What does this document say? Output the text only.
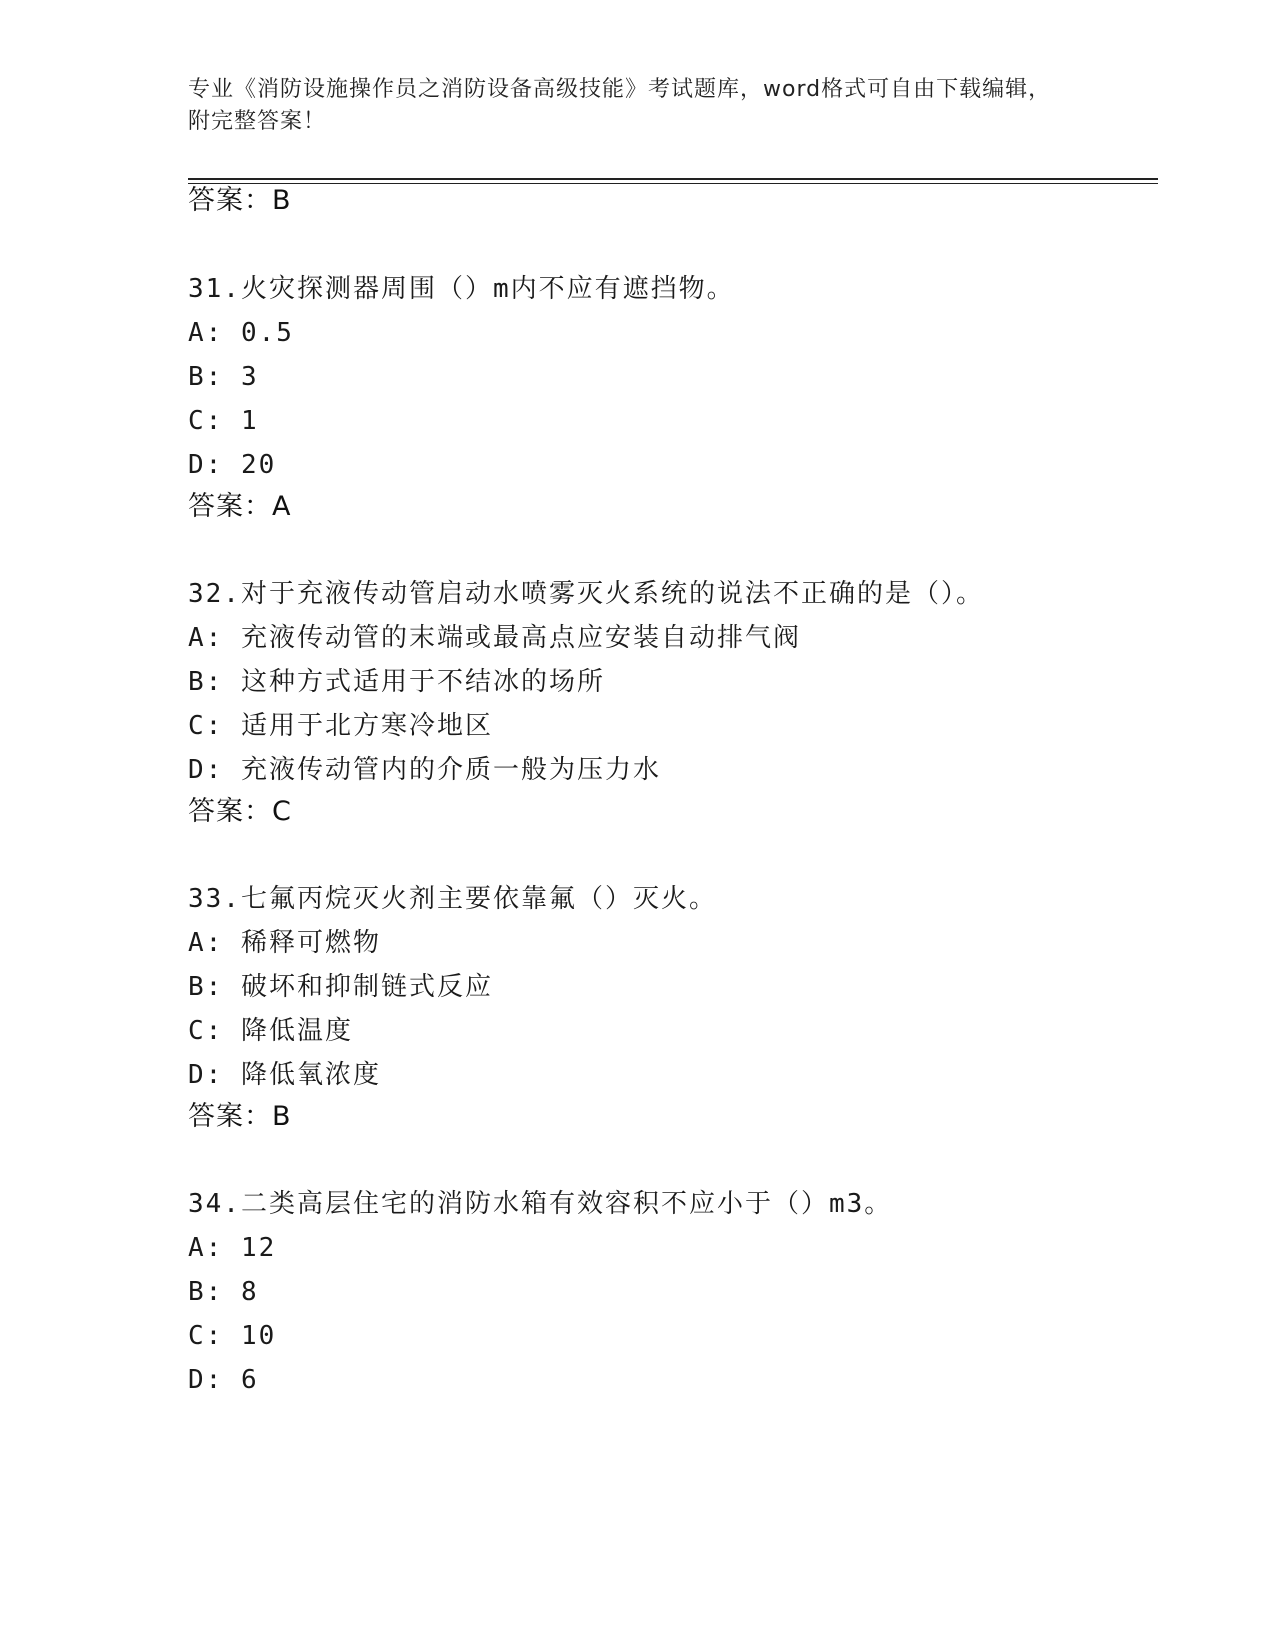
专业《消防设施操作员之消防设备高级技能》考试题库，word格式可自由下载编辑，附完整答案！
答案：B
31.火灾探测器周围（）m内不应有遮挡物。
A: 0.5
B: 3
C: 1
D: 20
答案：A
32.对于充液传动管启动水喷雾灭火系统的说法不正确的是（）。
A: 充液传动管的末端或最高点应安装自动排气阀
B: 这种方式适用于不结冰的场所
C: 适用于北方寒冷地区
D: 充液传动管内的介质一般为压力水
答案：C
33.七氟丙烷灭火剂主要依靠氟（）灭火。
A: 稀释可燃物
B: 破坏和抑制链式反应
C: 降低温度
D: 降低氧浓度
答案：B
34.二类高层住宅的消防水箱有效容积不应小于（）m3。
A: 12
B: 8
C: 10
D: 6
